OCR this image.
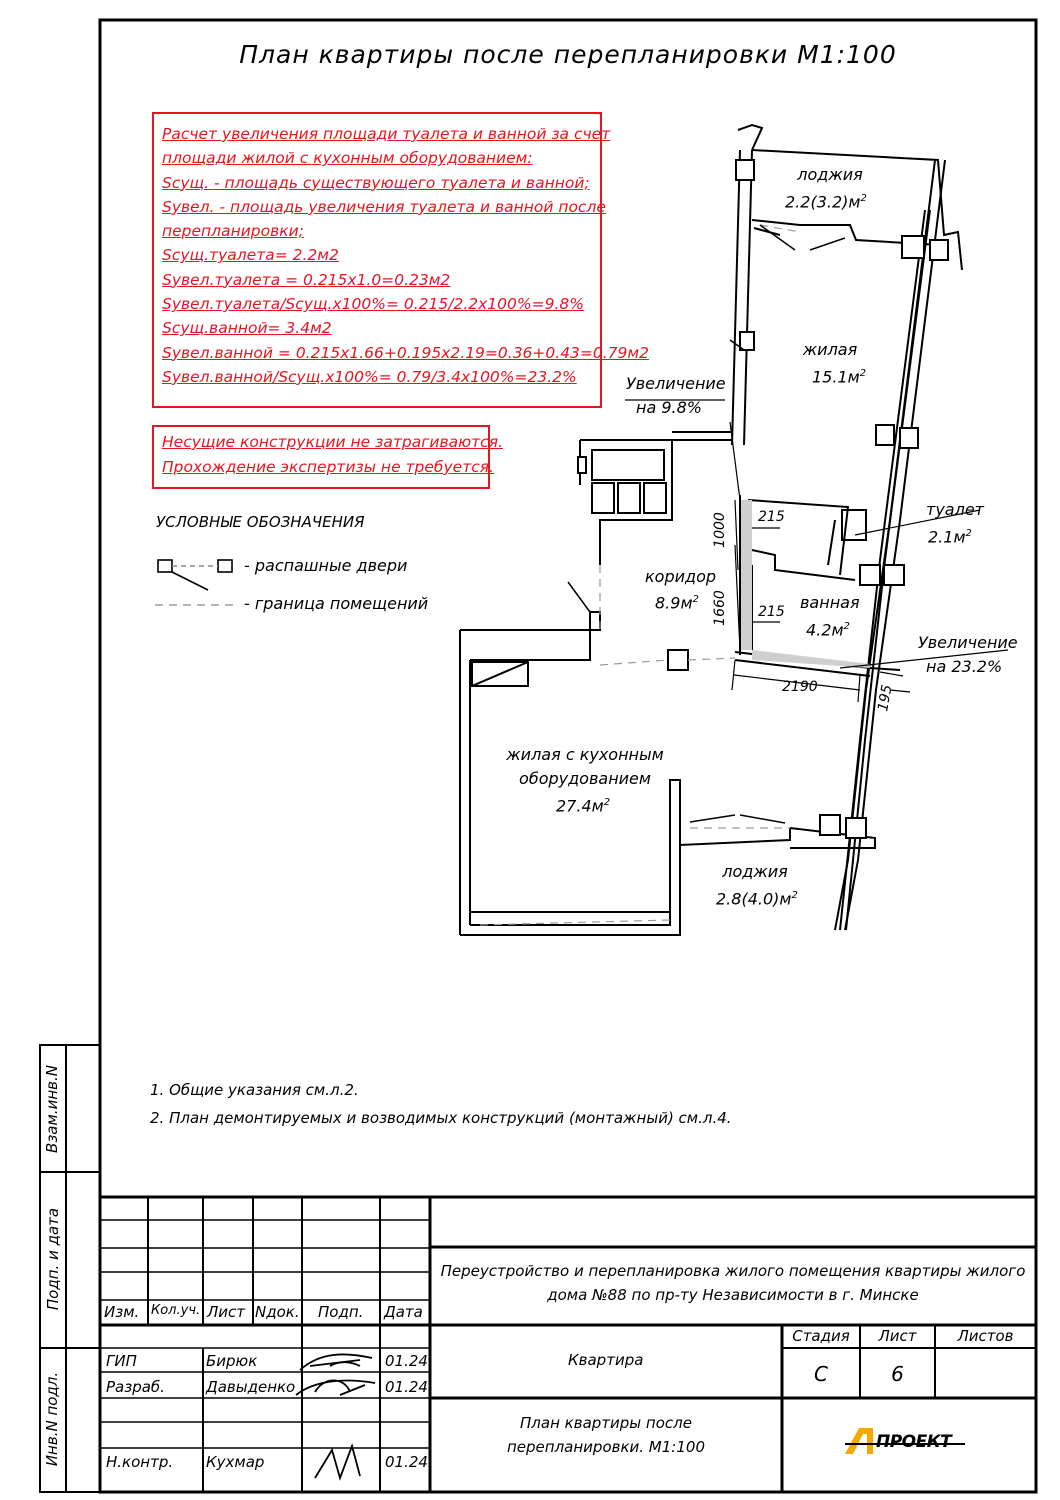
План квартиры после перепланировки М1:100
Расчет увеличения площади туалета и ванной за счет
площади жилой с кухонным оборудованием:
Sсущ. - площадь существующего туалета и ванной;
Sувел. - площадь увеличения туалета и ванной после
перепланировки;
Sсущ.туалета= 2.2м2
Sувел.туалета = 0.215х1.0=0.23м2
Sувел.туалета/Sсущ.х100%= 0.215/2.2х100%=9.8%
Sсущ.ванной= 3.4м2
Sувел.ванной = 0.215х1.66+0.195х2.19=0.36+0.43=0.79м2
Sувел.ванной/Sсущ.х100%= 0.79/3.4х100%=23.2%
Несущие конструкции не затрагиваются.
Прохождение экспертизы не требуется.
УСЛОВНЫЕ ОБОЗНАЧЕНИЯ
- распашные двери
- граница помещений
лоджия
$2.2(3.2)м^2$
жилая
$15.1м^2$
туалет
$2.1м^2$
коридор
$8.9м^2$	ванная
$4.2м^2$
жилая с кухонным
оборудованием
$27.4м^2$
лоджия
$2.8(4.0)м^2$
Увеличение
на 9.8%
Увеличение
на 23.2%
1000
1660
215
215
2190	195
1. Общие указания см.л.2.
2. План демонтируемых и возводимых конструкций (монтажный) см.л.4.
Взам.инв.N
Подп. и дата
Инв.N подл.
Переустройство и перепланировка жилого помещения квартиры жилого
дома №88 по пр-ту Независимости в г. Минске
Изм. Кол.уч. Лист Nдок. Подп. Дата
ГИП	Бирюк	01.24
Разраб.	Давыденко	01.24
Н.контр. Кухмар	01.24
Квартира
План квартиры после
перепланировки. М1:100
Стадия	Лист	Листов
С	6
ПРОЕКТ
